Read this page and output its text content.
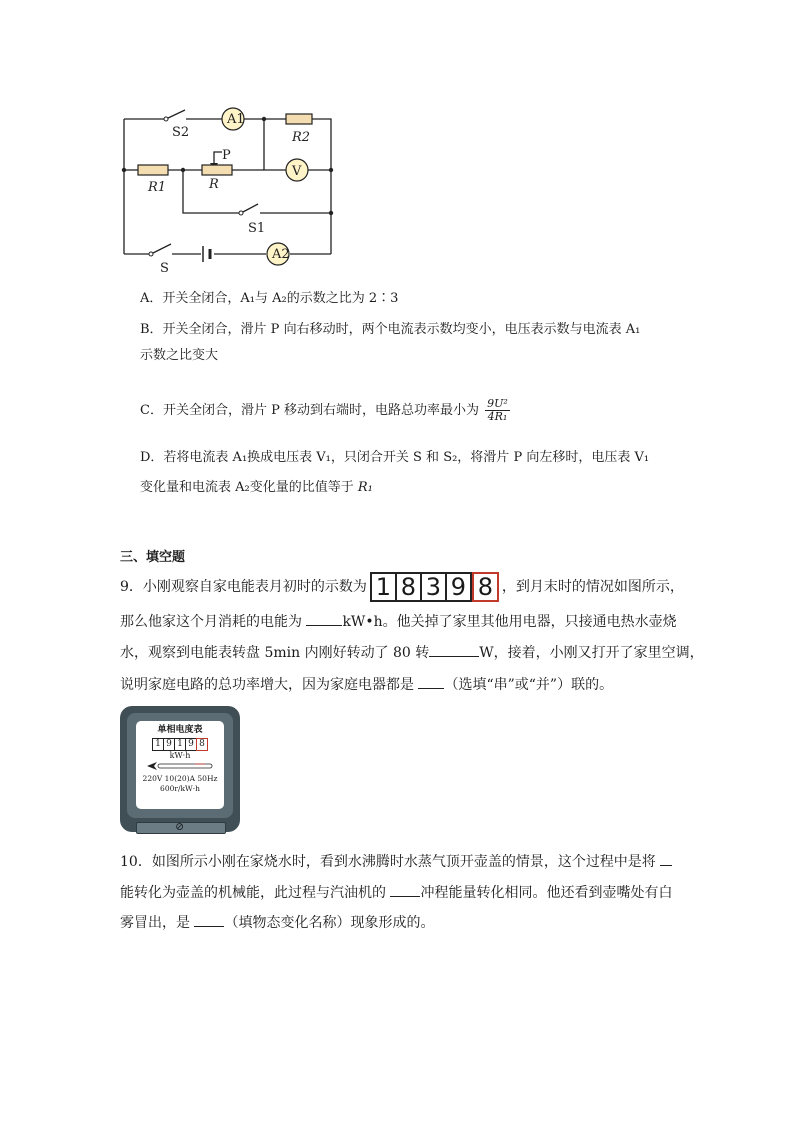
A1
V
A2
S2	R2
P
R1	R
S1
S
A．开关全闭合，A₁与 A₂的示数之比为 2∶3
B．开关全闭合，滑片 P 向右移动时，两个电流表示数均变小，电压表示数与电流表 A₁
示数之比变大
C．开关全闭合，滑片 P 移动到右端时，电路总功率最小为 $\frac{\text{9U²}}{\text{4R₁}}$
D．若将电流表 A₁换成电压表 V₁，只闭合开关 S 和 S₂，将滑片 P 向左移时，电压表 V₁
变化量和电流表 A₂变化量的比值等于 R₁
三、填空题
9．小刚观察自家电能表月初时的示数为 1 8 3 9 8 ，到月末时的情况如图所示，
那么他家这个月消耗的电能为	kW•h。他关掉了家里其他用电器，只接通电热水壶烧
水，观察到电能表转盘 5min 内刚好转动了 80 转	W，接着，小刚又打开了家里空调，
说明家庭电路的总功率增大，因为家庭电器都是 （选填“串”或“并”）联的。
单相电度表
1 9 1 9 8
kW·h
220V 10(20)A 50Hz
600r/kW·h
⊘
10．如图所示小刚在家烧水时，看到水沸腾时水蒸气顶开壶盖的情景，这个过程中是将
能转化为壶盖的机械能，此过程与汽油机的 冲程能量转化相同。他还看到壶嘴处有白
雾冒出，是 （填物态变化名称）现象形成的。
